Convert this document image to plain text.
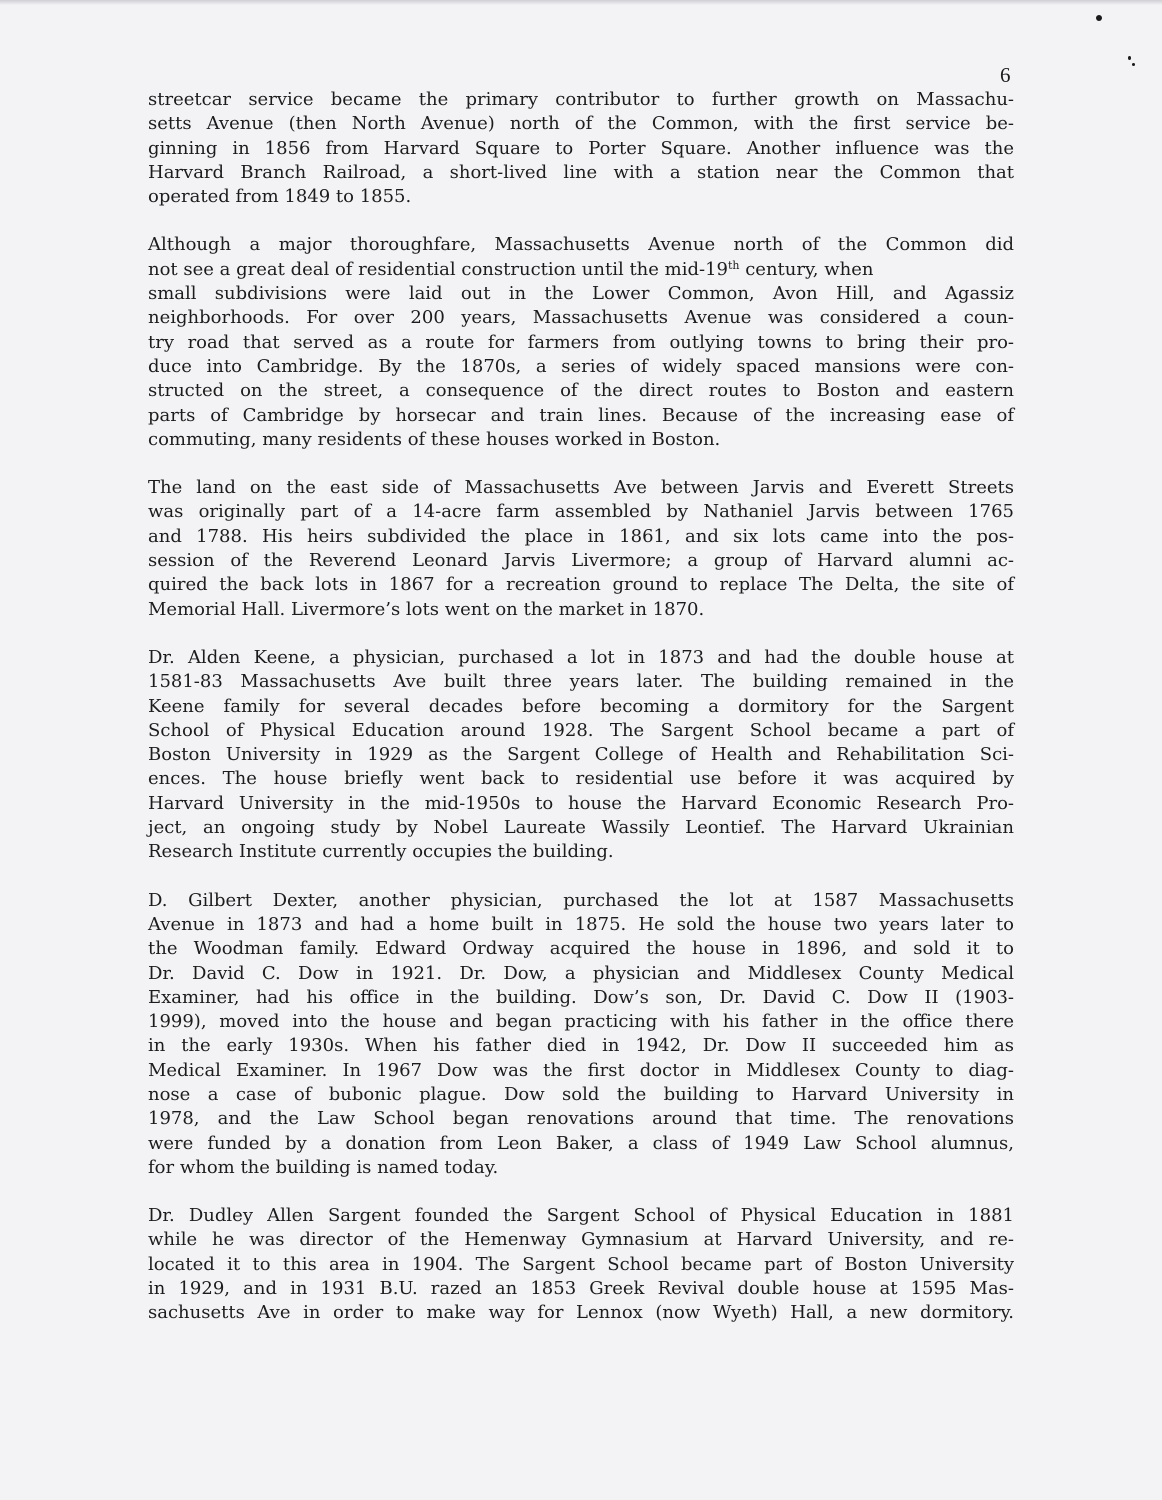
6

streetcar service became the primary contributor to further growth on Massachu-
setts Avenue (then North Avenue) north of the Common, with the first service be-
ginning in 1856 from Harvard Square to Porter Square. Another influence was the
Harvard Branch Railroad, a short-lived line with a station near the Common that
operated from 1849 to 1855.

Although a major thoroughfare, Massachusetts Avenue north of the Common did
not see a great deal of residential construction until the mid-19th century, when
small subdivisions were laid out in the Lower Common, Avon Hill, and Agassiz
neighborhoods. For over 200 years, Massachusetts Avenue was considered a coun-
try road that served as a route for farmers from outlying towns to bring their pro-
duce into Cambridge. By the 1870s, a series of widely spaced mansions were con-
structed on the street, a consequence of the direct routes to Boston and eastern
parts of Cambridge by horsecar and train lines. Because of the increasing ease of
commuting, many residents of these houses worked in Boston.

The land on the east side of Massachusetts Ave between Jarvis and Everett Streets
was originally part of a 14-acre farm assembled by Nathaniel Jarvis between 1765
and 1788. His heirs subdivided the place in 1861, and six lots came into the pos-
session of the Reverend Leonard Jarvis Livermore; a group of Harvard alumni ac-
quired the back lots in 1867 for a recreation ground to replace The Delta, the site of
Memorial Hall. Livermore’s lots went on the market in 1870.

Dr. Alden Keene, a physician, purchased a lot in 1873 and had the double house at
1581-83 Massachusetts Ave built three years later. The building remained in the
Keene family for several decades before becoming a dormitory for the Sargent
School of Physical Education around 1928. The Sargent School became a part of
Boston University in 1929 as the Sargent College of Health and Rehabilitation Sci-
ences. The house briefly went back to residential use before it was acquired by
Harvard University in the mid-1950s to house the Harvard Economic Research Pro-
ject, an ongoing study by Nobel Laureate Wassily Leontief. The Harvard Ukrainian
Research Institute currently occupies the building.

D. Gilbert Dexter, another physician, purchased the lot at 1587 Massachusetts
Avenue in 1873 and had a home built in 1875. He sold the house two years later to
the Woodman family. Edward Ordway acquired the house in 1896, and sold it to
Dr. David C. Dow in 1921. Dr. Dow, a physician and Middlesex County Medical
Examiner, had his office in the building. Dow’s son, Dr. David C. Dow II (1903-
1999), moved into the house and began practicing with his father in the office there
in the early 1930s. When his father died in 1942, Dr. Dow II succeeded him as
Medical Examiner. In 1967 Dow was the first doctor in Middlesex County to diag-
nose a case of bubonic plague. Dow sold the building to Harvard University in
1978, and the Law School began renovations around that time. The renovations
were funded by a donation from Leon Baker, a class of 1949 Law School alumnus,
for whom the building is named today.

Dr. Dudley Allen Sargent founded the Sargent School of Physical Education in 1881
while he was director of the Hemenway Gymnasium at Harvard University, and re-
located it to this area in 1904. The Sargent School became part of Boston University
in 1929, and in 1931 B.U. razed an 1853 Greek Revival double house at 1595 Mas-
sachusetts Ave in order to make way for Lennox (now Wyeth) Hall, a new dormitory.
